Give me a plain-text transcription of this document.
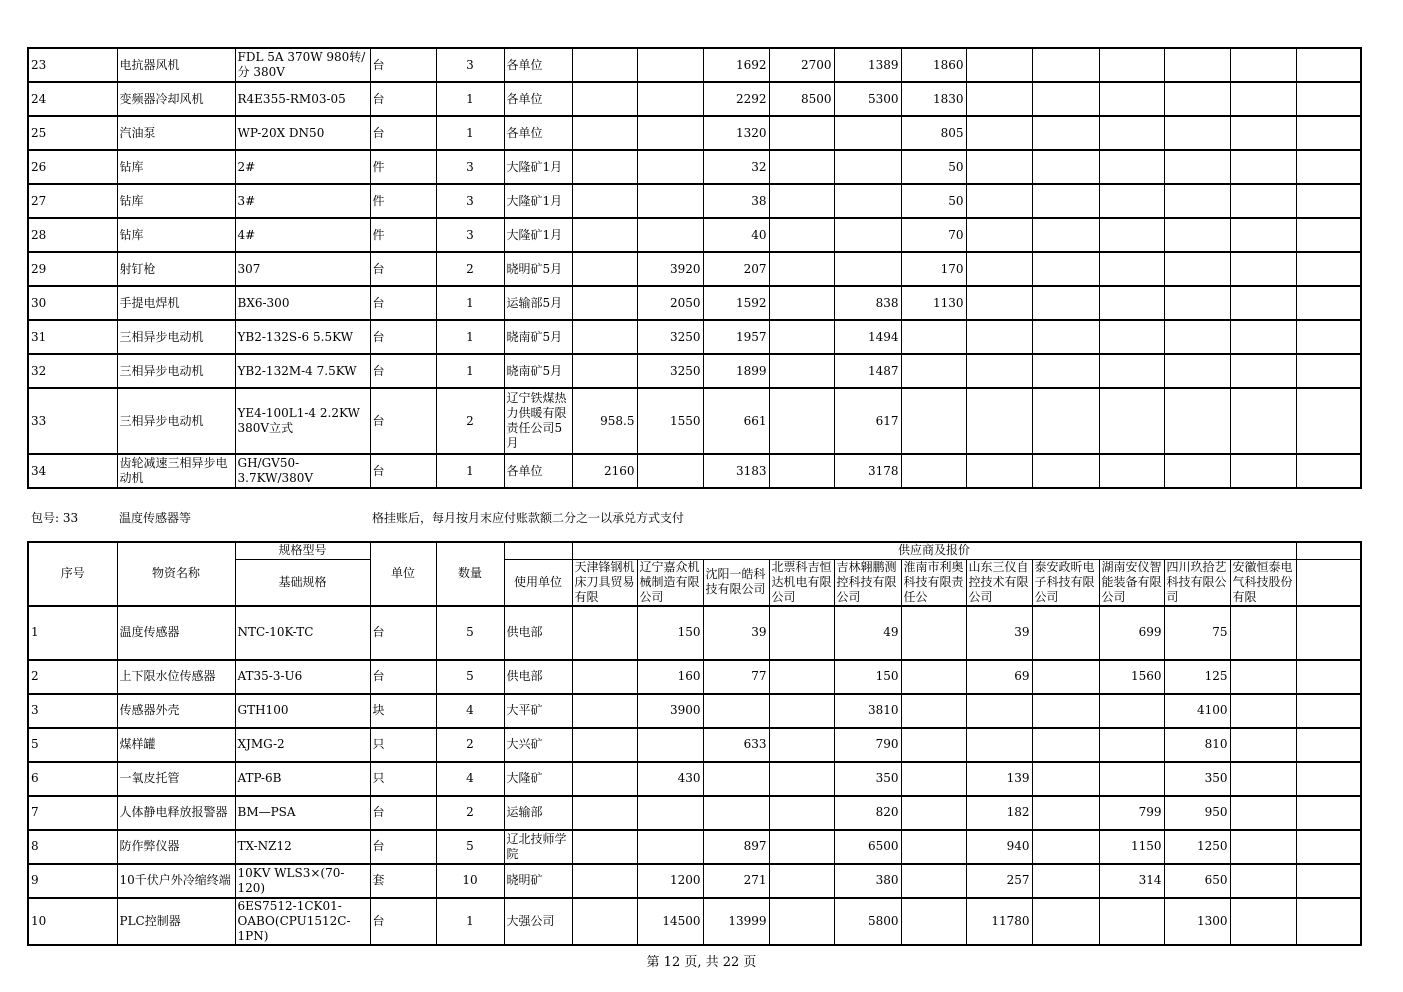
23	电抗器风机	FDL 5A 370W 980转/分 380V	台	3	各单位			1692	2700	1389	1860						
24	变频器冷却风机	R4E355-RM03-05	台	1	各单位			2292	8500	5300	1830						
25	汽油泵	WP-20X DN50	台	1	各单位			1320			805						
26	钻库	2#	件	3	大隆矿1月			32			50						
27	钻库	3#	件	3	大隆矿1月			38			50						
28	钻库	4#	件	3	大隆矿1月			40			70						
29	射钉枪	307	台	2	晓明矿5月		3920	207			170						
30	手提电焊机	BX6-300	台	1	运输部5月		2050	1592		838	1130						
31	三相异步电动机	YB2-132S-6 5.5KW	台	1	晓南矿5月		3250	1957		1494							
32	三相异步电动机	YB2-132M-4 7.5KW	台	1	晓南矿5月		3250	1899		1487							
33	三相异步电动机	YE4-100L1-4 2.2KW 380V立式	台	2	辽宁铁煤热力供暖有限责任公司5月	958.5	1550	661		617							
34	齿轮减速三相异步电动机	GH/GV50-3.7KW/380V	台	1	各单位	2160		3183		3178							
包号: 33	温度传感器等	格挂账后，每月按月末应付账款额二分之一以承兑方式支付
序号	物资名称	规格型号	单位	数量		供应商及报价											
		基础规格			使用单位	天津锋钢机床刀具贸易有限	辽宁嘉众机械制造有限公司	沈阳一皓科技有限公司	北票科吉恒达机电有限公司	吉林翱鹏测控科技有限公司	淮南市利奥科技有限责任公	山东三仪自控技术有限公司	泰安政昕电子科技有限公司	湖南安仪智能装备有限公司	四川玖拾艺科技有限公司	安徽恒泰电气科技股份有限	
1	温度传感器	NTC-10K-TC	台	5	供电部		150	39		49		39		699	75		
2	上下限水位传感器	AT35-3-U6	台	5	供电部		160	77		150		69		1560	125		
3	传感器外壳	GTH100	块	4	大平矿		3900			3810					4100		
5	煤样罐	XJMG-2	只	2	大兴矿			633		790					810		
6	一氧皮托管	ATP-6B	只	4	大隆矿		430			350		139			350		
7	人体静电释放报警器	BM—PSA	台	2	运输部					820		182		799	950		
8	防作弊仪器	TX-NZ12	台	5	辽北技师学院			897		6500		940		1150	1250		
9	10千伏户外冷缩终端	10KV WLS3×(70-120)	套	10	晓明矿		1200	271		380		257		314	650		
10	PLC控制器	6ES7512-1CK01-OABO(CPU1512C-1PN)	台	1	大强公司		14500	13999		5800		11780			1300		
第 12 页, 共 22 页
